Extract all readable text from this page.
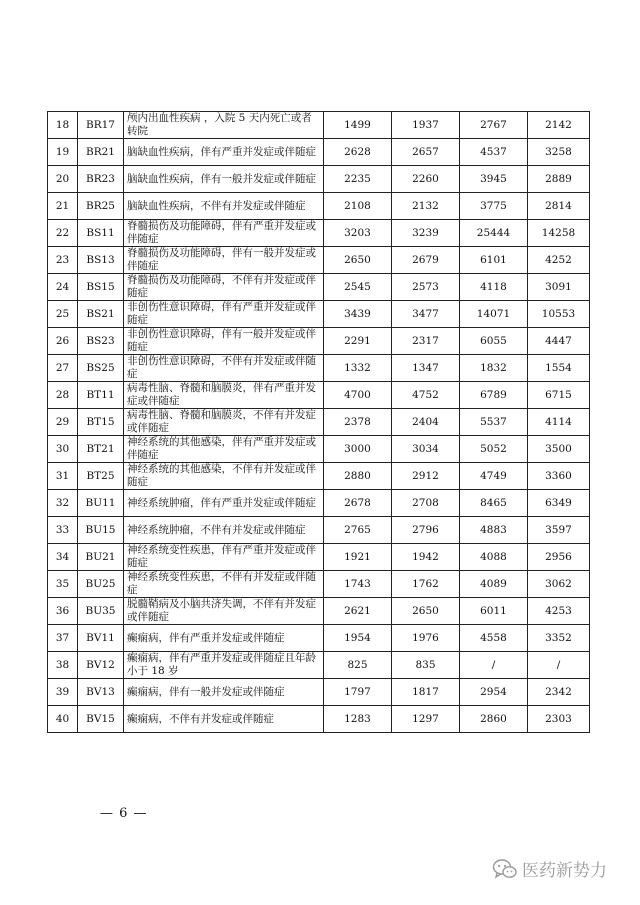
18	BR17	颅内出血性疾病 ，入院 5 天内死亡或者转院	1499	1937	2767	2142
19	BR21	脑缺血性疾病，伴有严重并发症或伴随症	2628	2657	4537	3258
20	BR23	脑缺血性疾病，伴有一般并发症或伴随症	2235	2260	3945	2889
21	BR25	脑缺血性疾病，不伴有并发症或伴随症	2108	2132	3775	2814
22	BS11	脊髓损伤及功能障碍，伴有严重并发症或伴随症	3203	3239	25444	14258
23	BS13	脊髓损伤及功能障碍，伴有一般并发症或伴随症	2650	2679	6101	4252
24	BS15	脊髓损伤及功能障碍，不伴有并发症或伴随症	2545	2573	4118	3091
25	BS21	非创伤性意识障碍，伴有严重并发症或伴随症	3439	3477	14071	10553
26	BS23	非创伤性意识障碍，伴有一般并发症或伴随症	2291	2317	6055	4447
27	BS25	非创伤性意识障碍，不伴有并发症或伴随症	1332	1347	1832	1554
28	BT11	病毒性脑、脊髓和脑膜炎，伴有严重并发症或伴随症	4700	4752	6789	6715
29	BT15	病毒性脑、脊髓和脑膜炎，不伴有并发症或伴随症	2378	2404	5537	4114
30	BT21	神经系统的其他感染，伴有严重并发症或伴随症	3000	3034	5052	3500
31	BT25	神经系统的其他感染，不伴有并发症或伴随症	2880	2912	4749	3360
32	BU11	神经系统肿瘤，伴有严重并发症或伴随症	2678	2708	8465	6349
33	BU15	神经系统肿瘤，不伴有并发症或伴随症	2765	2796	4883	3597
34	BU21	神经系统变性疾患，伴有严重并发症或伴随症	1921	1942	4088	2956
35	BU25	神经系统变性疾患，不伴有并发症或伴随症	1743	1762	4089	3062
36	BU35	脱髓鞘病及小脑共济失调，不伴有并发症或伴随症	2621	2650	6011	4253
37	BV11	癫痫病，伴有严重并发症或伴随症	1954	1976	4558	3352
38	BV12	癫痫病，伴有严重并发症或伴随症且年龄小于 18 岁	825	835	/	/
39	BV13	癫痫病，伴有一般并发症或伴随症	1797	1817	2954	2342
40	BV15	癫痫病，不伴有并发症或伴随症	1283	1297	2860	2303
— 6 —
医药新势力
